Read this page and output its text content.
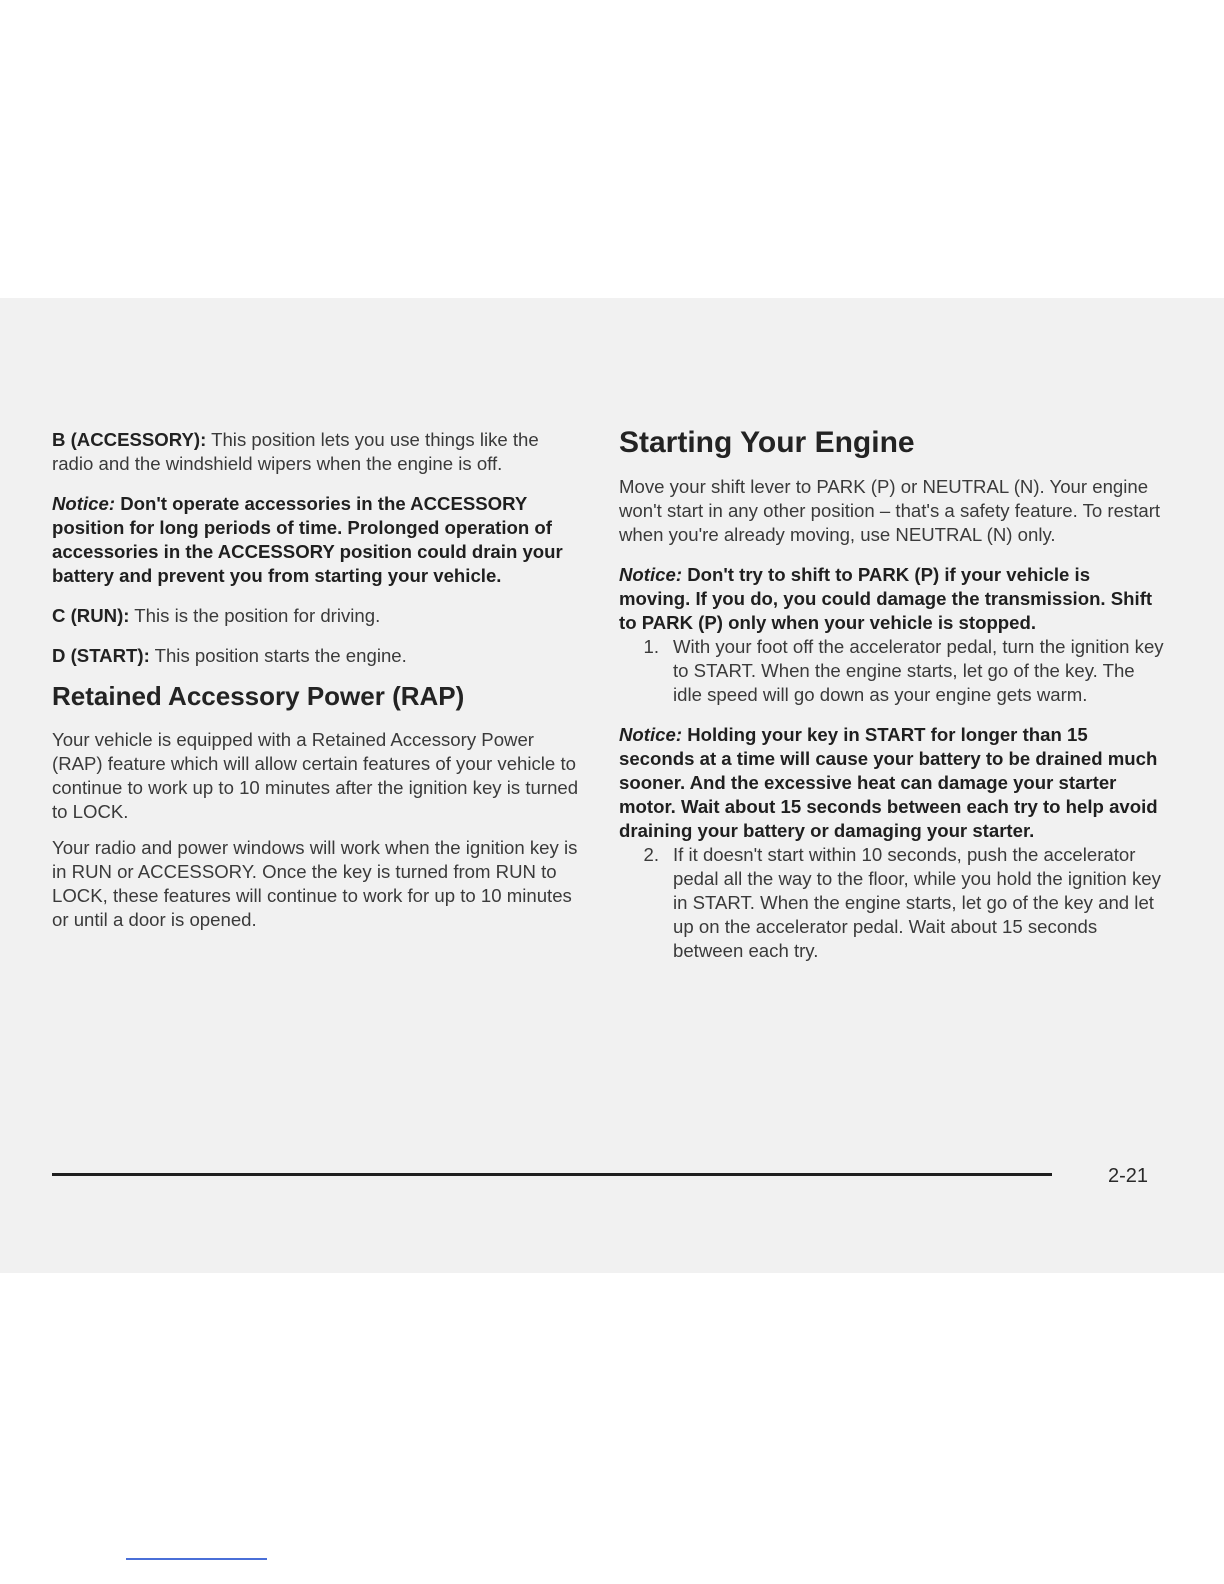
B (ACCESSORY): This position lets you use things like the radio and the windshield wipers when the engine is off.

Notice: Don't operate accessories in the ACCESSORY position for long periods of time. Prolonged operation of accessories in the ACCESSORY position could drain your battery and prevent you from starting your vehicle.

C (RUN): This is the position for driving.

D (START): This position starts the engine.

Retained Accessory Power (RAP)

Your vehicle is equipped with a Retained Accessory Power (RAP) feature which will allow certain features of your vehicle to continue to work up to 10 minutes after the ignition key is turned to LOCK.

Your radio and power windows will work when the ignition key is in RUN or ACCESSORY. Once the key is turned from RUN to LOCK, these features will continue to work for up to 10 minutes or until a door is opened.

Starting Your Engine

Move your shift lever to PARK (P) or NEUTRAL (N). Your engine won't start in any other position – that's a safety feature. To restart when you're already moving, use NEUTRAL (N) only.

Notice: Don't try to shift to PARK (P) if your vehicle is moving. If you do, you could damage the transmission. Shift to PARK (P) only when your vehicle is stopped.

1. With your foot off the accelerator pedal, turn the ignition key to START. When the engine starts, let go of the key. The idle speed will go down as your engine gets warm.

Notice: Holding your key in START for longer than 15 seconds at a time will cause your battery to be drained much sooner. And the excessive heat can damage your starter motor. Wait about 15 seconds between each try to help avoid draining your battery or damaging your starter.

2. If it doesn't start within 10 seconds, push the accelerator pedal all the way to the floor, while you hold the ignition key in START. When the engine starts, let go of the key and let up on the accelerator pedal. Wait about 15 seconds between each try.
2-21
